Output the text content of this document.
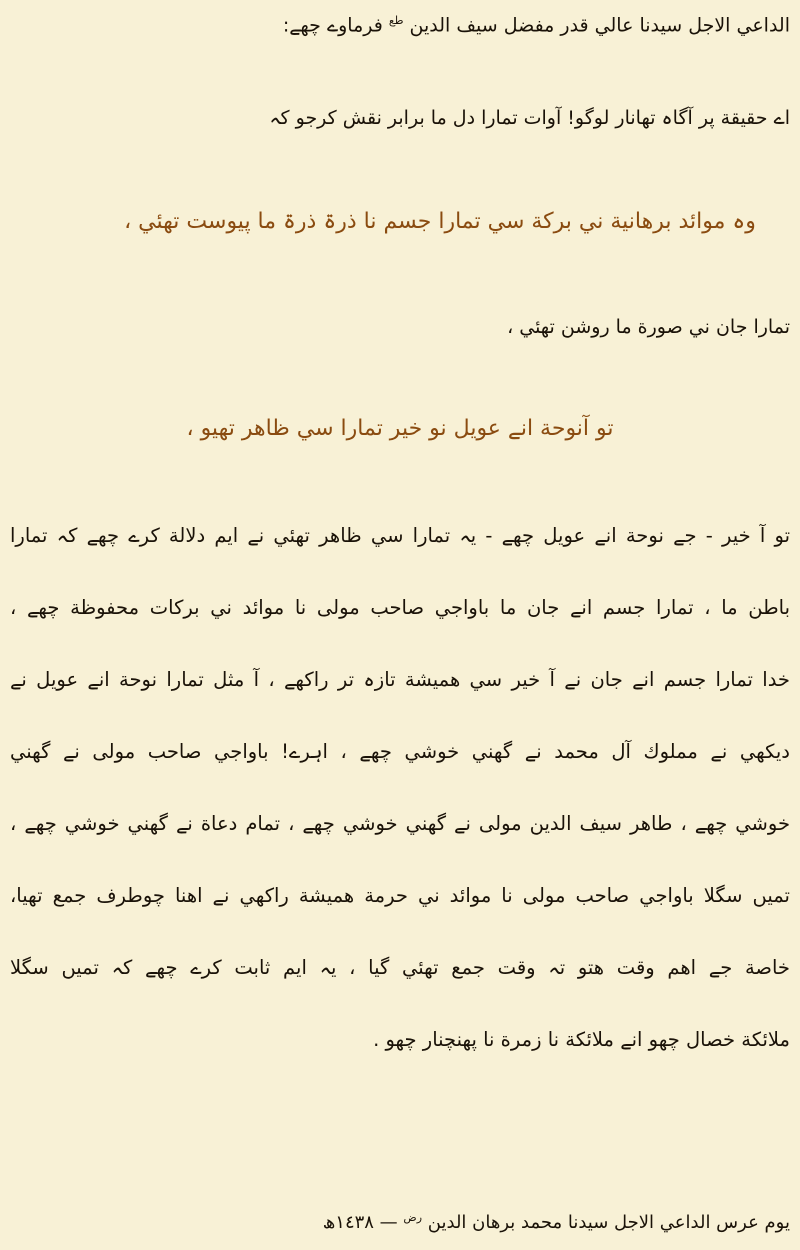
الداعي الاجل سيدنا عالي قدر مفضل سيف الدين $^{طع}$ فرماوے چھے:
اے حقيقة پر آگاہ تھانار لوگو! آوات تمارا دل ما برابر نقش کرجو کہ
وہ موائد برھانية ني برکة سي تمارا جسم نا ذرۃ ذرۃ ما پيوست تھئي ،
تمارا جان ني صورة ما روشن تھئي ،
تو آنوحة انے عويل نو خير تمارا سي ظاھر تھيو ،
تو آ خير - جے نوحة انے عويل چھے - يہ تمارا سي ظاھر تھئي نے ايم دلالة کرے چھے کہ تمارا
باطن ما ، تمارا جسم انے جان ما باواجي صاحب مولى نا موائد ني برکات محفوظة چھے ،
خدا تمارا جسم انے جان نے آ خير سي هميشة تازہ تر راکھے ، آ مثل تمارا نوحة انے عويل نے
ديکھي نے مملوك آل محمد نے گھني خوشي چھے ، اہرے! باواجي صاحب مولى نے گھني
خوشي چھے ، طاھر سيف الدين مولى نے گھني خوشي چھے ، تمام دعاة نے گھني خوشي چھے ،
تميں سگلا باواجي صاحب مولى نا موائد ني حرمة هميشة راکھي نے اھنا چوطرف جمع تھيا،
خاصة جے اهم وقت هتو تہ وقت جمع تھئي گيا ، يہ ايم ثابت کرے چھے کہ تميں سگلا
ملائکة خصال چھو انے ملائکة نا زمرة نا پھنچنار چھو .
يوم عرس الداعي الاجل سيدنا محمد برهان الدين $^{رض}$ — ١٤٣٨ھ
